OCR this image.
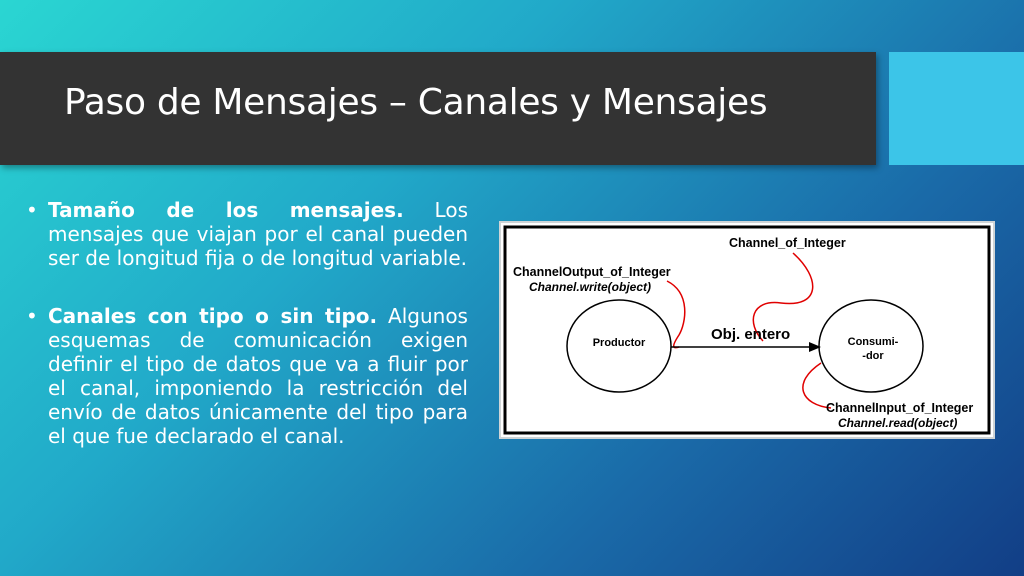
Paso de Mensajes – Canales y Mensajes
• Tamaño de los mensajes. Los mensajes que viajan por el canal pueden ser de longitud fija o de longitud variable.
• Canales con tipo o sin tipo. Algunos esquemas de comunicación exigen definir el tipo de datos que va a fluir por el canal, imponiendo la restricción del envío de datos únicamente del tipo para el que fue declarado el canal.
Channel_of_Integer
ChannelOutput_of_Integer
Channel.write(object)
Productor	Obj. entero	Consumi-
-dor
ChannelInput_of_Integer
Channel.read(object)
